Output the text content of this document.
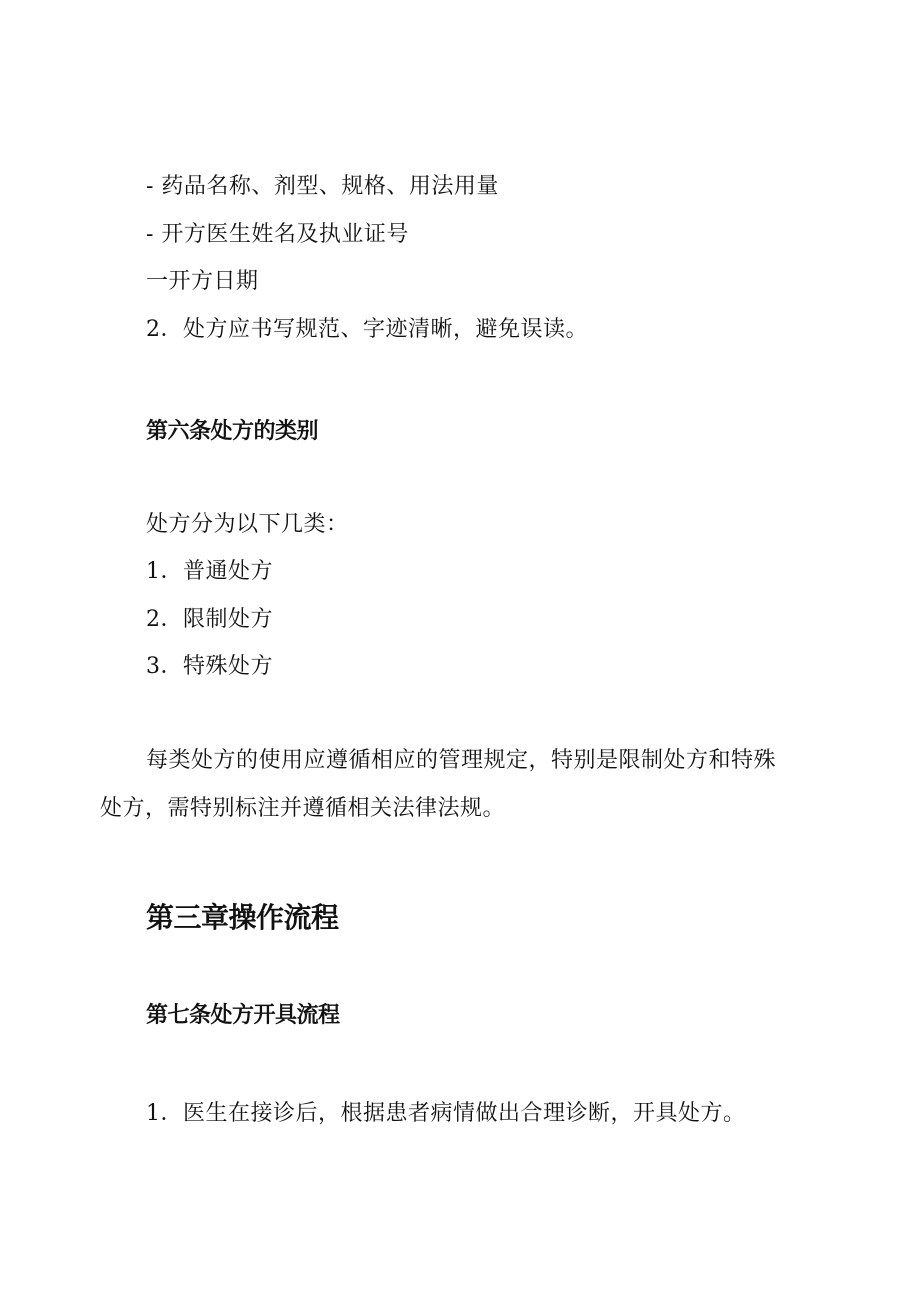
- 药品名称、剂型、规格、用法用量
- 开方医生姓名及执业证号
一开方日期
2．处方应书写规范、字迹清晰，避免误读。
第六条处方的类别
处方分为以下几类：
1．普通处方
2．限制处方
3．特殊处方
每类处方的使用应遵循相应的管理规定，特别是限制处方和特殊
处方，需特别标注并遵循相关法律法规。
第三章操作流程
第七条处方开具流程
1．医生在接诊后，根据患者病情做出合理诊断，开具处方。
